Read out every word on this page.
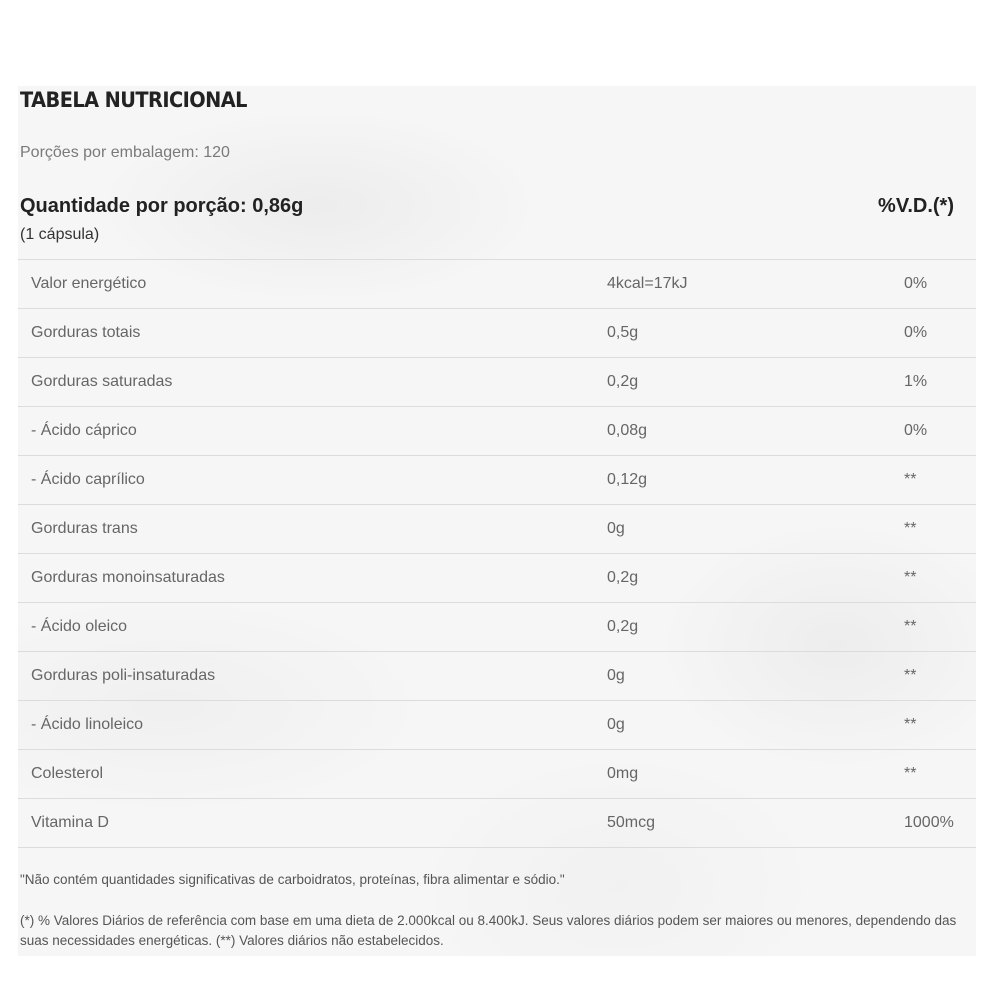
TABELA NUTRICIONAL
Porções por embalagem: 120
Quantidade por porção: 0,86g
(1 cápsula)
%V.D.(*)
Valor energético	4kcal=17kJ	0%
Gorduras totais	0,5g	0%
Gorduras saturadas	0,2g	1%
- Ácido cáprico	0,08g	0%
- Ácido caprílico	0,12g	**
Gorduras trans	0g	**
Gorduras monoinsaturadas	0,2g	**
- Ácido oleico	0,2g	**
Gorduras poli-insaturadas	0g	**
- Ácido linoleico	0g	**
Colesterol	0mg	**
Vitamina D	50mcg	1000%
"Não contém quantidades significativas de carboidratos, proteínas, fibra alimentar e sódio."
(*) % Valores Diários de referência com base em uma dieta de 2.000kcal ou 8.400kJ. Seus valores diários podem ser maiores ou menores, dependendo das suas necessidades energéticas. (**) Valores diários não estabelecidos.
